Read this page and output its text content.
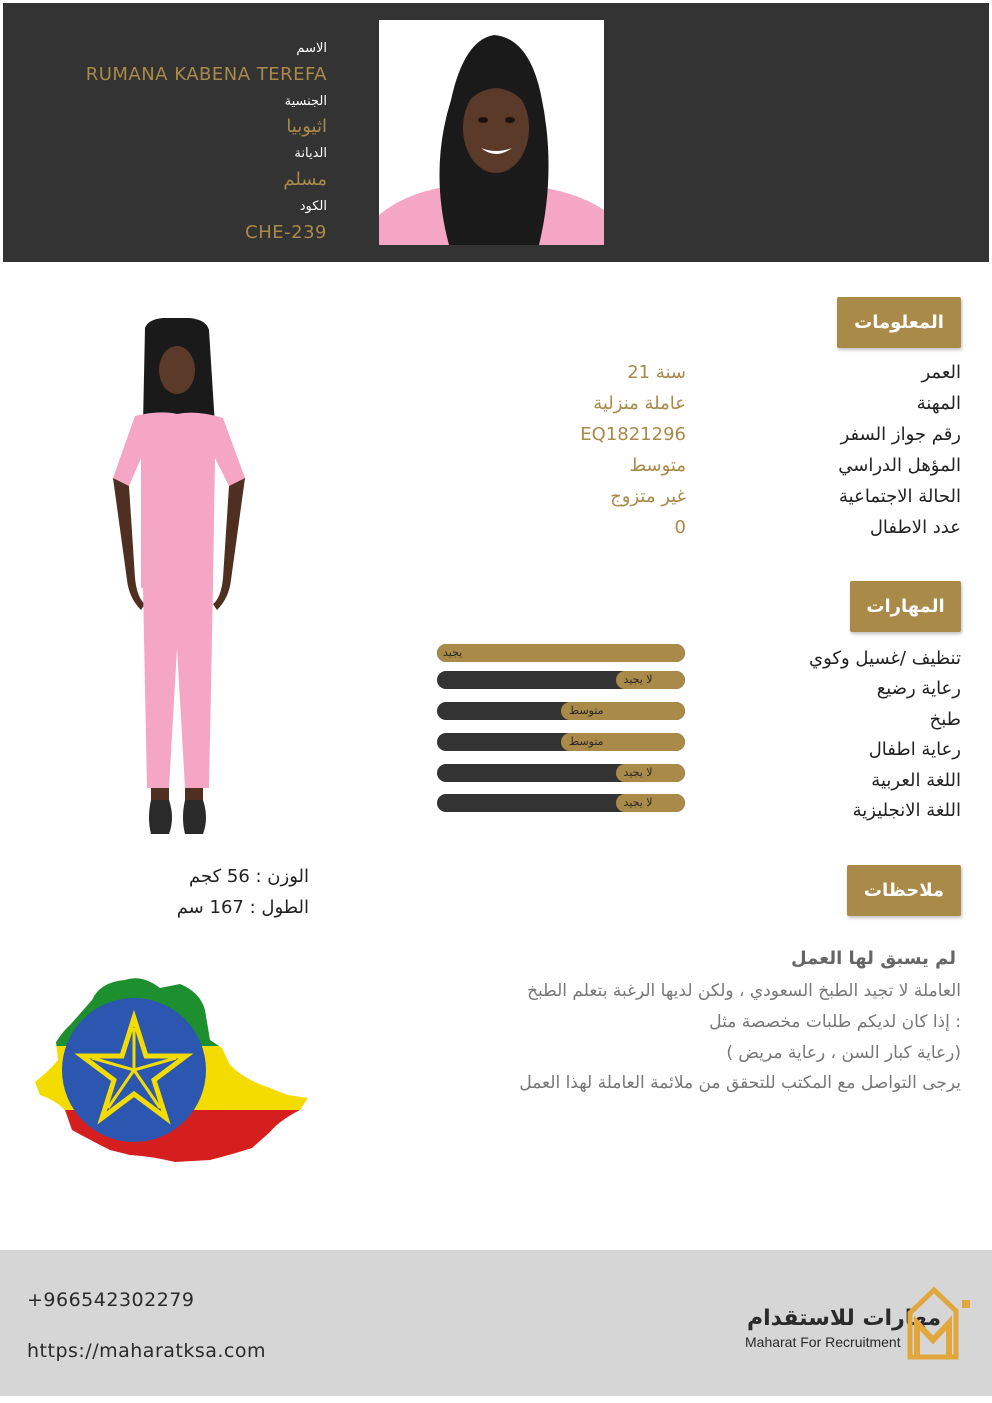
الاسم
RUMANA KABENA TEREFA
الجنسية
اثيوبيا
الديانة
مسلم
الكود
CHE-239
المعلومات
العمر
21 سنة
المهنة
عاملة منزلية
رقم جواز السفر
EQ1821296
المؤهل الدراسي
متوسط
الحالة الاجتماعية
غير متزوج
عدد الاطفال
0
المهارات
تنظيف /غسيل وكوي
يجيد
رعاية رضيع
لا يجيد
طبخ
متوسط
رعاية اطفال
متوسط
اللغة العربية
لا يجيد
اللغة الانجليزية
لا يجيد
الوزن : 56 كجم
الطول : 167 سم
ملاحظات
لم يسبق لها العمل
العاملة لا تجيد الطبخ السعودي ، ولكن لديها الرغبة بتعلم الطبخ
إذا كان لديكم طلبات مخصصة مثل :
( رعاية كبار السن ، رعاية مريض)
يرجى التواصل مع المكتب للتحقق من ملائمة العاملة لهذا العمل
+966542302279
https://maharatksa.com
مهارات للاستقدام
Maharat For Recruitment
